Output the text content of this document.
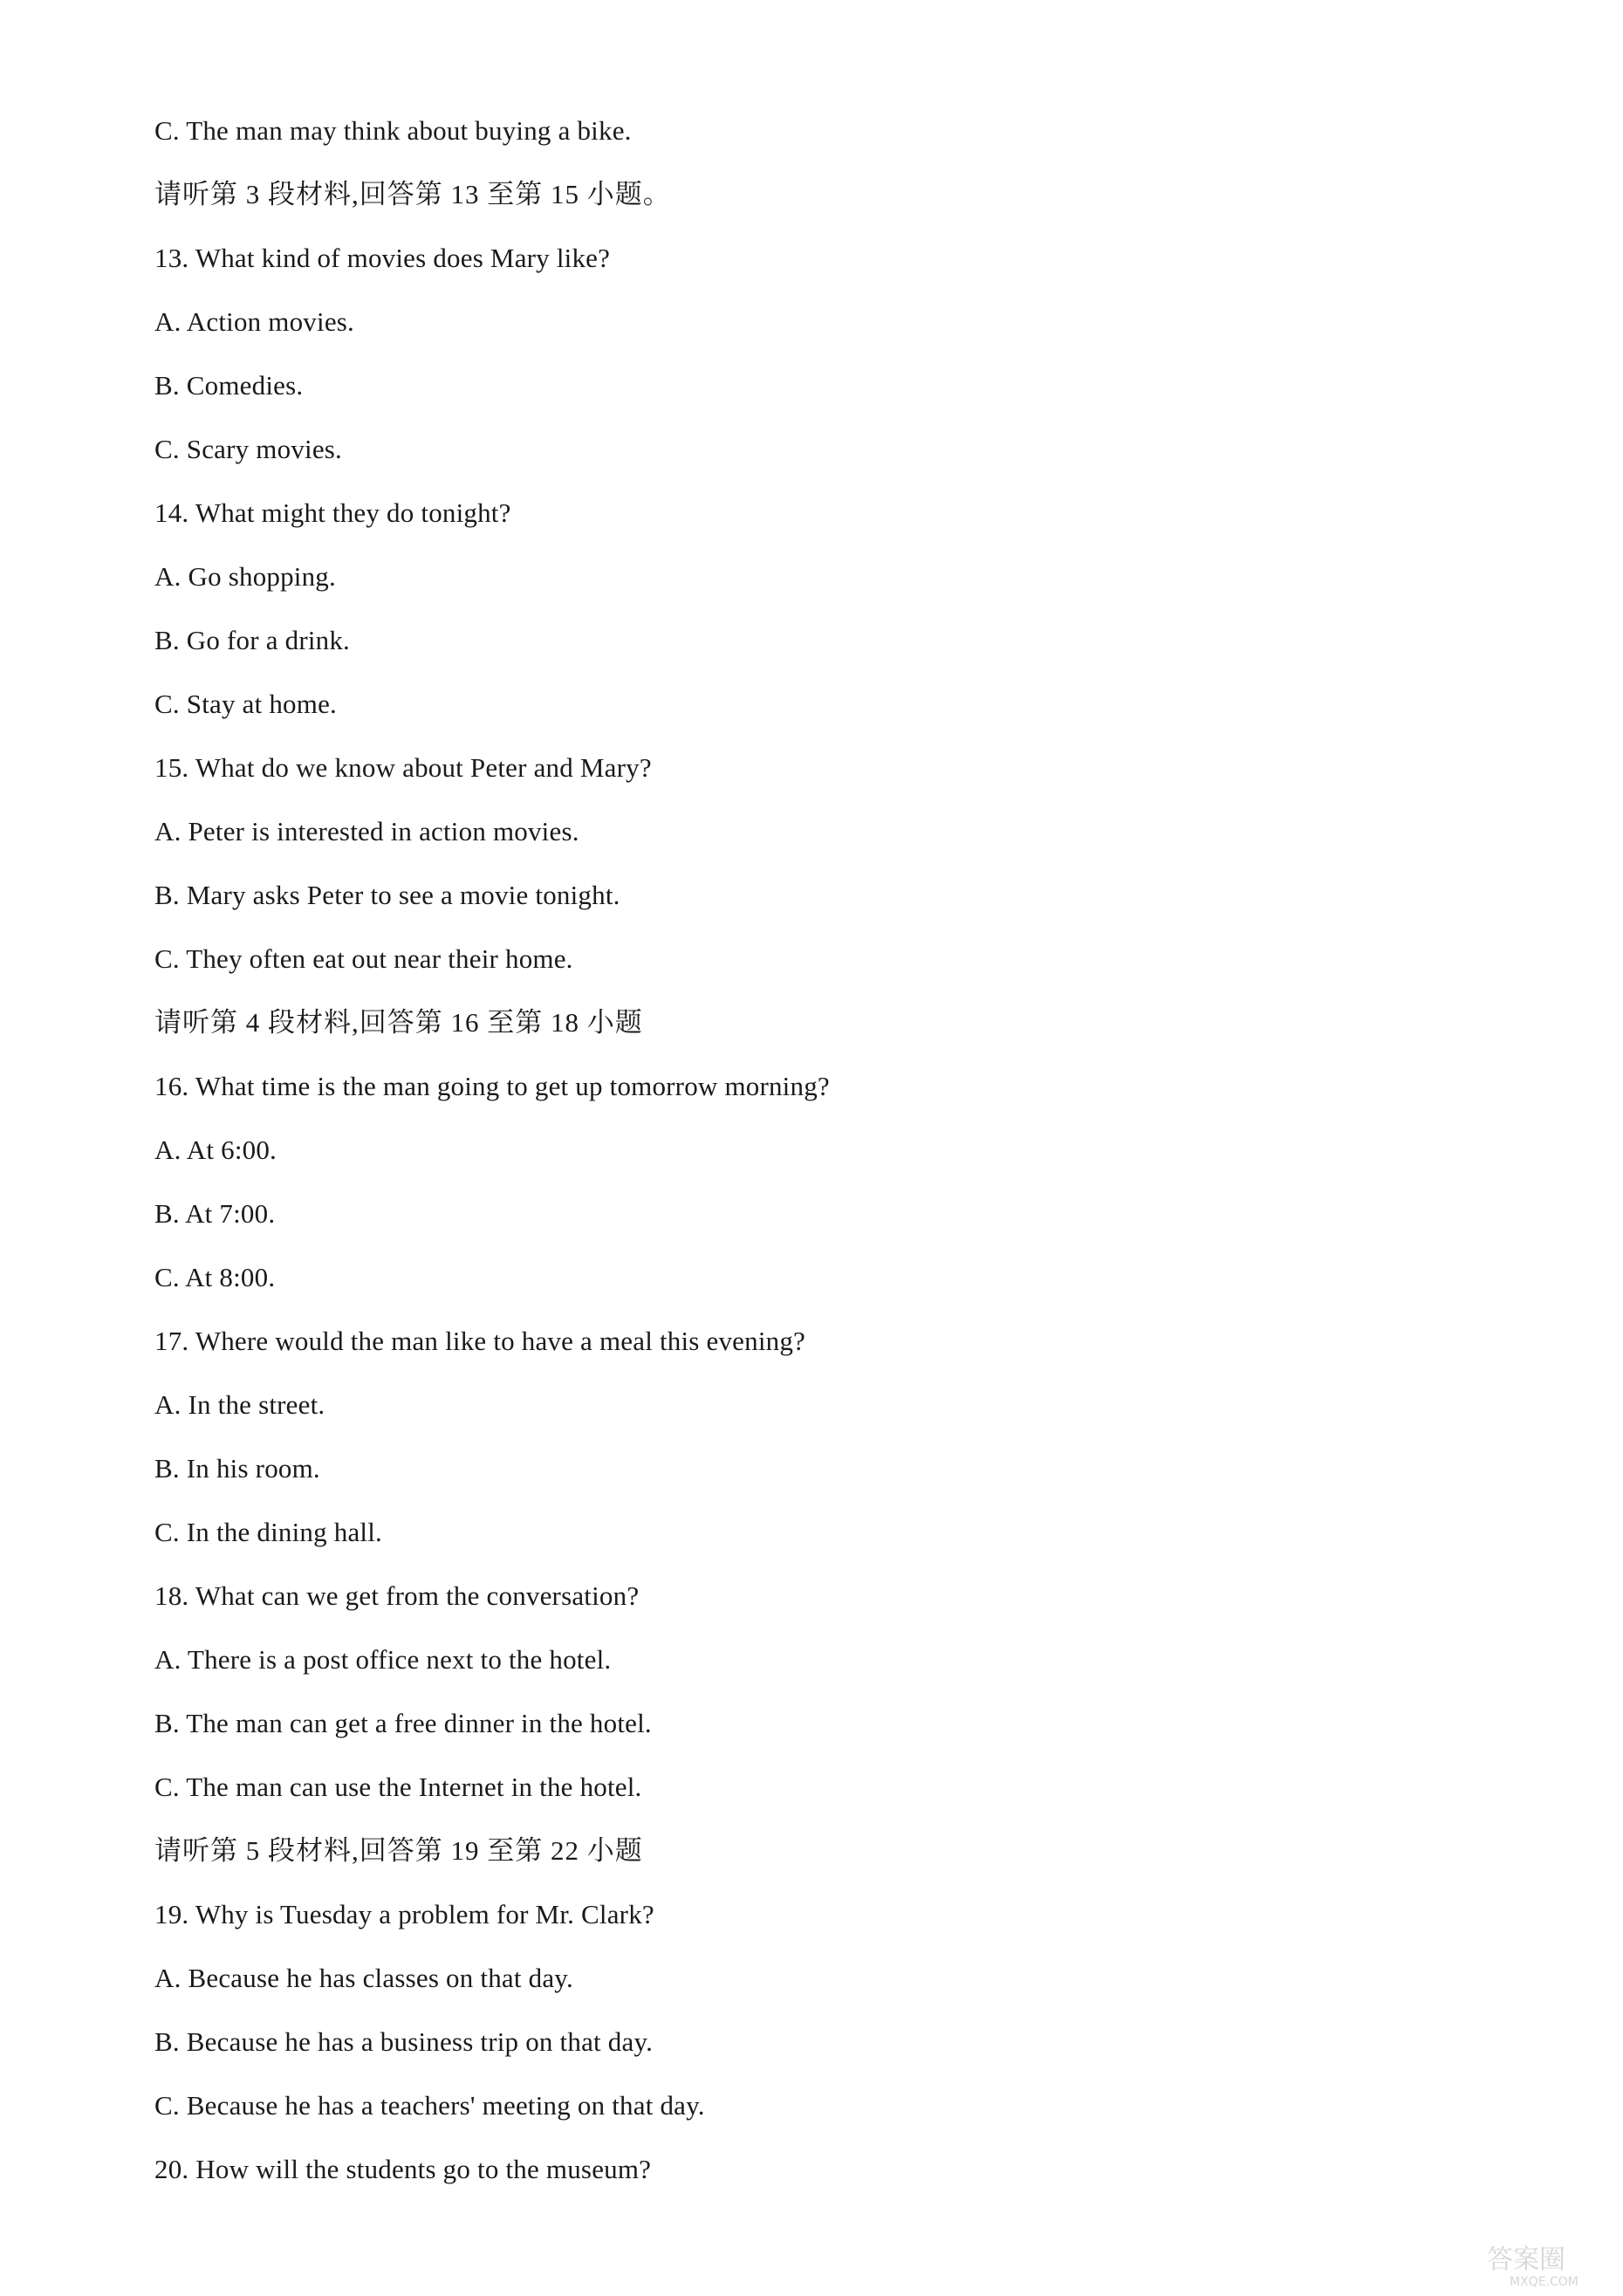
C. The man may think about buying a bike.
请听第 3 段材料,回答第 13 至第 15 小题。
13. What kind of movies does Mary like?
A. Action movies.
B. Comedies.
C. Scary movies.
14. What might they do tonight?
A. Go shopping.
B. Go for a drink.
C. Stay at home.
15. What do we know about Peter and Mary?
A. Peter is interested in action movies.
B. Mary asks Peter to see a movie tonight.
C. They often eat out near their home.
请听第 4 段材料,回答第 16 至第 18 小题
16. What time is the man going to get up tomorrow morning?
A. At 6:00.
B. At 7:00.
C. At 8:00.
17. Where would the man like to have a meal this evening?
A. In the street.
B. In his room.
C. In the dining hall.
18. What can we get from the conversation?
A. There is a post office next to the hotel.
B. The man can get a free dinner in the hotel.
C. The man can use the Internet in the hotel.
请听第 5 段材料,回答第 19 至第 22 小题
19. Why is Tuesday a problem for Mr. Clark?
A. Because he has classes on that day.
B. Because he has a business trip on that day.
C. Because he has a teachers' meeting on that day.
20. How will the students go to the museum?
答案圈
MXQE.COM
